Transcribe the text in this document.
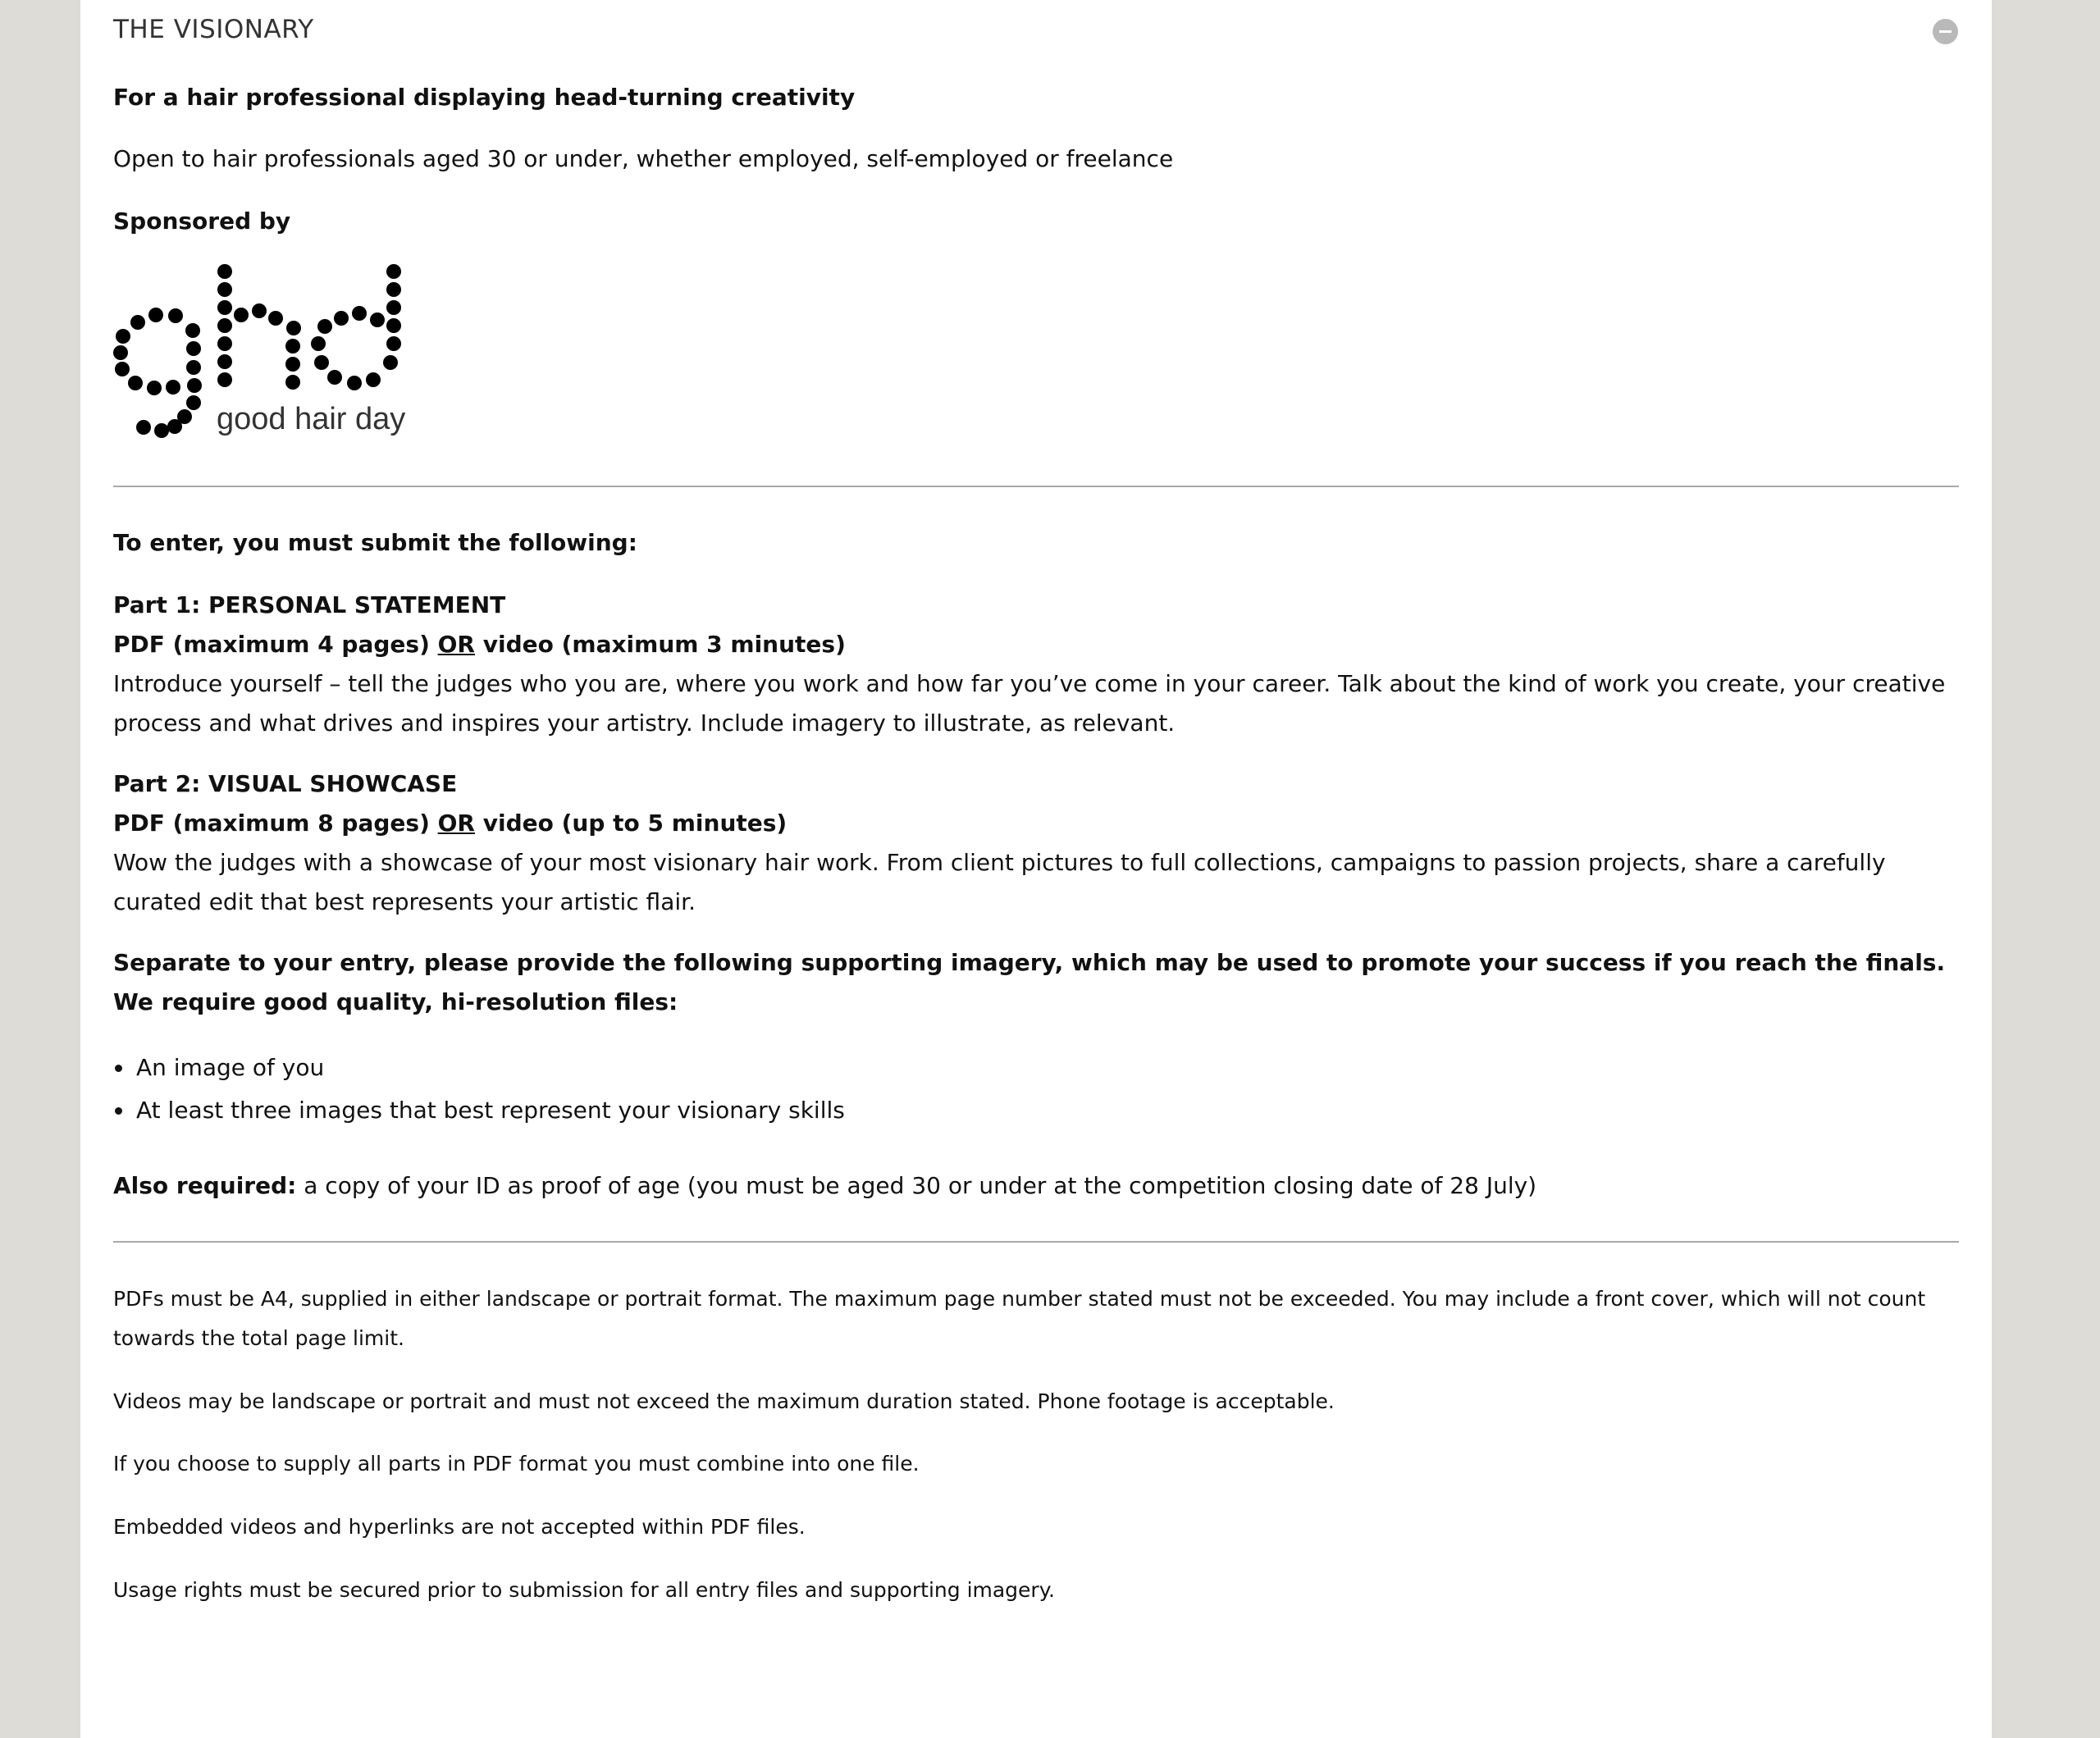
THE VISIONARY

For a hair professional displaying head-turning creativity

Open to hair professionals aged 30 or under, whether employed, self-employed or freelance

Sponsored by

good hair day

To enter, you must submit the following:

Part 1: PERSONAL STATEMENT

PDF (maximum 4 pages) OR video (maximum 3 minutes)

Introduce yourself – tell the judges who you are, where you work and how far you’ve come in your career. Talk about the kind of work you create, your creative process and what drives and inspires your artistry. Include imagery to illustrate, as relevant.

Part 2: VISUAL SHOWCASE

PDF (maximum 8 pages) OR video (up to 5 minutes)

Wow the judges with a showcase of your most visionary hair work. From client pictures to full collections, campaigns to passion projects, share a carefully curated edit that best represents your artistic flair.

Separate to your entry, please provide the following supporting imagery, which may be used to promote your success if you reach the finals. We require good quality, hi-resolution files:

An image of you
At least three images that best represent your visionary skills

Also required: a copy of your ID as proof of age (you must be aged 30 or under at the competition closing date of 28 July)

PDFs must be A4, supplied in either landscape or portrait format. The maximum page number stated must not be exceeded. You may include a front cover, which will not count towards the total page limit.

Videos may be landscape or portrait and must not exceed the maximum duration stated. Phone footage is acceptable.

If you choose to supply all parts in PDF format you must combine into one file.

Embedded videos and hyperlinks are not accepted within PDF files.

Usage rights must be secured prior to submission for all entry files and supporting imagery.
